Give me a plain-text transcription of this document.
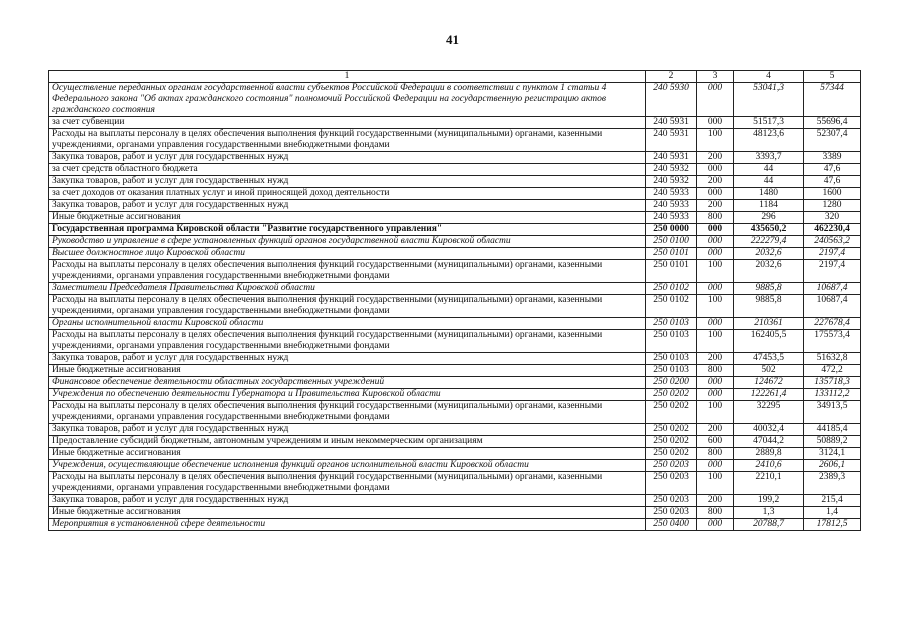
41
1	2	3	4	5
Осуществление переданных органам государственной власти субъектов Российской Федерации в соответствии с пунктом 1 статьи 4 Федерального закона "Об актах гражданского состояния" полномочий Российской Федерации на государственную регистрацию актов гражданского состояния	240 5930	000	53041,3	57344
за счет субвенции	240 5931	000	51517,3	55696,4
Расходы на выплаты персоналу в целях обеспечения выполнения функций государственными (муниципальными) органами, казенными учреждениями, органами управления государственными внебюджетными фондами	240 5931	100	48123,6	52307,4
Закупка товаров, работ и услуг для государственных нужд	240 5931	200	3393,7	3389
за счет средств областного бюджета	240 5932	000	44	47,6
Закупка товаров, работ и услуг для государственных нужд	240 5932	200	44	47,6
за счет доходов от оказания платных услуг и иной приносящей доход деятельности	240 5933	000	1480	1600
Закупка товаров, работ и услуг для государственных нужд	240 5933	200	1184	1280
Иные бюджетные ассигнования	240 5933	800	296	320
Государственная программа Кировской области "Развитие государственного управления"	250 0000	000	435650,2	462230,4
Руководство и управление в сфере установленных функций органов государственной власти Кировской области	250 0100	000	222279,4	240563,2
Высшее должностное лицо Кировской области	250 0101	000	2032,6	2197,4
Расходы на выплаты персоналу в целях обеспечения выполнения функций государственными (муниципальными) органами, казенными учреждениями, органами управления государственными внебюджетными фондами	250 0101	100	2032,6	2197,4
Заместители Председателя Правительства Кировской области	250 0102	000	9885,8	10687,4
Расходы на выплаты персоналу в целях обеспечения выполнения функций государственными (муниципальными) органами, казенными учреждениями, органами управления государственными внебюджетными фондами	250 0102	100	9885,8	10687,4
Органы исполнительной власти Кировской области	250 0103	000	210361	227678,4
Расходы на выплаты персоналу в целях обеспечения выполнения функций государственными (муниципальными) органами, казенными учреждениями, органами управления государственными внебюджетными фондами	250 0103	100	162405,5	175573,4
Закупка товаров, работ и услуг для государственных нужд	250 0103	200	47453,5	51632,8
Иные бюджетные ассигнования	250 0103	800	502	472,2
Финансовое обеспечение деятельности областных государственных учреждений	250 0200	000	124672	135718,3
Учреждения по обеспечению деятельности Губернатора и Правительства Кировской области	250 0202	000	122261,4	133112,2
Расходы на выплаты персоналу в целях обеспечения выполнения функций государственными (муниципальными) органами, казенными учреждениями, органами управления государственными внебюджетными фондами	250 0202	100	32295	34913,5
Закупка товаров, работ и услуг для государственных нужд	250 0202	200	40032,4	44185,4
Предоставление субсидий бюджетным, автономным учреждениям и иным некоммерческим организациям	250 0202	600	47044,2	50889,2
Иные бюджетные ассигнования	250 0202	800	2889,8	3124,1
Учреждения, осуществляющие обеспечение исполнения функций органов исполнительной власти Кировской области	250 0203	000	2410,6	2606,1
Расходы на выплаты персоналу в целях обеспечения выполнения функций государственными (муниципальными) органами, казенными учреждениями, органами управления государственными внебюджетными фондами	250 0203	100	2210,1	2389,3
Закупка товаров, работ и услуг для государственных нужд	250 0203	200	199,2	215,4
Иные бюджетные ассигнования	250 0203	800	1,3	1,4
Мероприятия в установленной сфере деятельности	250 0400	000	20788,7	17812,5
